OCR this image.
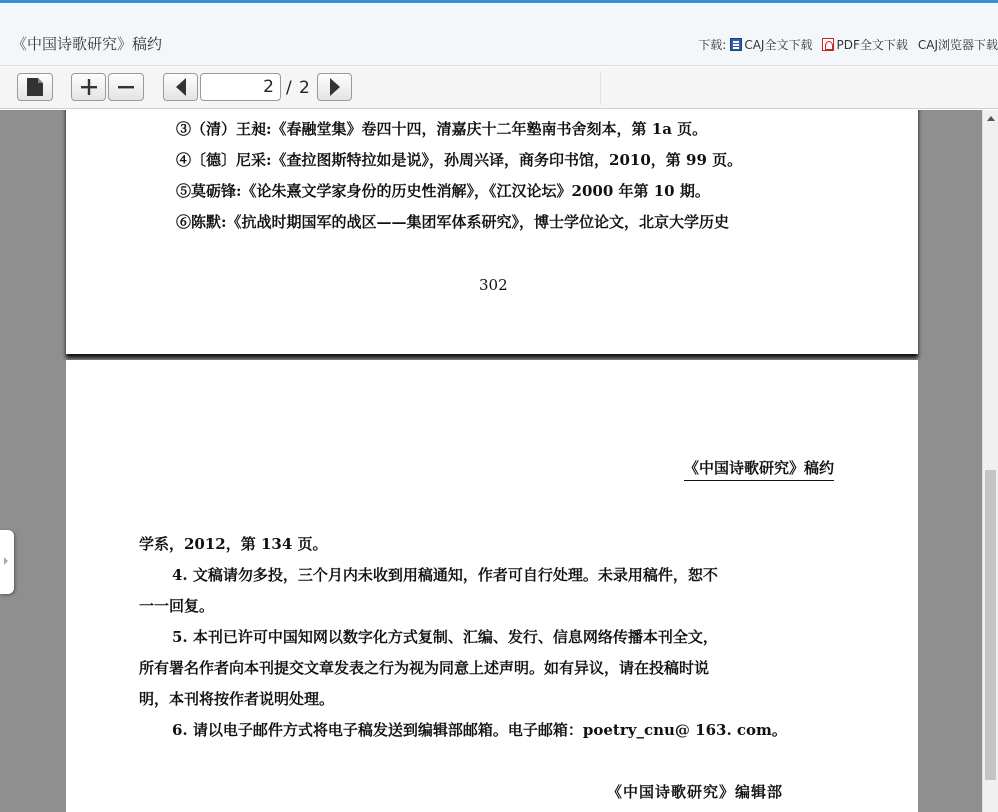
《中国诗歌研究》稿约	下载: CAJ全文下载 PDF全文下载 CAJ浏览器下载
2
/ 2
③（清）王昶:《春融堂集》卷四十四，清嘉庆十二年塾南书舍刻本，第 1a 页。
④〔德〕尼采:《查拉图斯特拉如是说》，孙周兴译，商务印书馆，2010，第 99 页。
⑤莫砺锋:《论朱熹文学家身份的历史性消解》，《江汉论坛》2000 年第 10 期。
⑥陈默:《抗战时期国军的战区——集团军体系研究》，博士学位论文，北京大学历史
302
《中国诗歌研究》稿约
学系，2012，第 134 页。
4. 文稿请勿多投，三个月内未收到用稿通知，作者可自行处理。未录用稿件，恕不
一一回复。
5. 本刊已许可中国知网以数字化方式复制、汇编、发行、信息网络传播本刊全文，
所有署名作者向本刊提交文章发表之行为视为同意上述声明。如有异议，请在投稿时说
明，本刊将按作者说明处理。
6. 请以电子邮件方式将电子稿发送到编辑部邮箱。电子邮箱：poetry_cnu@ 163. com。
《中国诗歌研究》编辑部
